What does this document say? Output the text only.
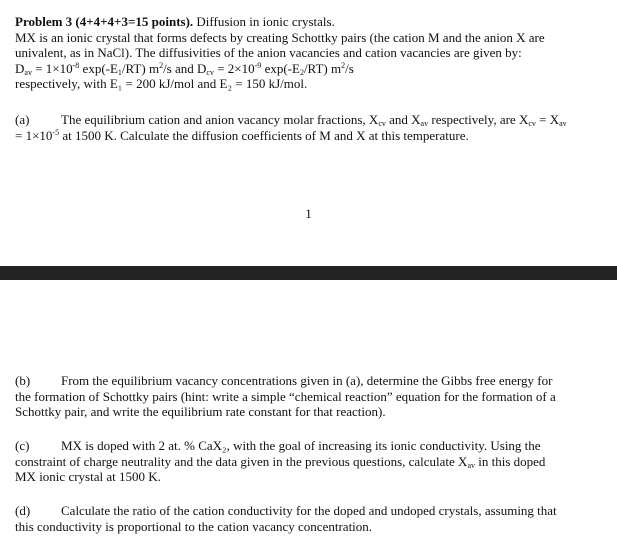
Problem 3 (4+4+4+3=15 points). Diffusion in ionic crystals.

MX is an ionic crystal that forms defects by creating Schottky pairs (the cation M and the anion X are

univalent, as in NaCl). The diffusivities of the anion vacancies and cation vacancies are given by:

$D_{av} = 1\times 10^{-8}$ $\exp(-E_1/RT)$ $m^2/s$ and $D_{cv} = 2\times 10^{-9}$ $\exp(-E_2/RT)$ $m^2/s$

respectively, with E₁ = 200 kJ/mol and E₂ = 150 kJ/mol.

(a) The equilibrium cation and anion vacancy molar fractions, $X_{cv}$ and $X_{av}$ respectively, are $X_{cv} = X_{av}$

= $1\times 10^{-5}$ at 1500 K. Calculate the diffusion coefficients of M and X at this temperature.

1

(b) From the equilibrium vacancy concentrations given in (a), determine the Gibbs free energy for

the formation of Schottky pairs (hint: write a simple “chemical reaction” equation for the formation of a

Schottky pair, and write the equilibrium rate constant for that reaction).

(c) MX is doped with 2 at. % CaX₂, with the goal of increasing its ionic conductivity. Using the

constraint of charge neutrality and the data given in the previous questions, calculate $X_{av}$ in this doped

MX ionic crystal at 1500 K.

(d) Calculate the ratio of the cation conductivity for the doped and undoped crystals, assuming that

this conductivity is proportional to the cation vacancy concentration.
